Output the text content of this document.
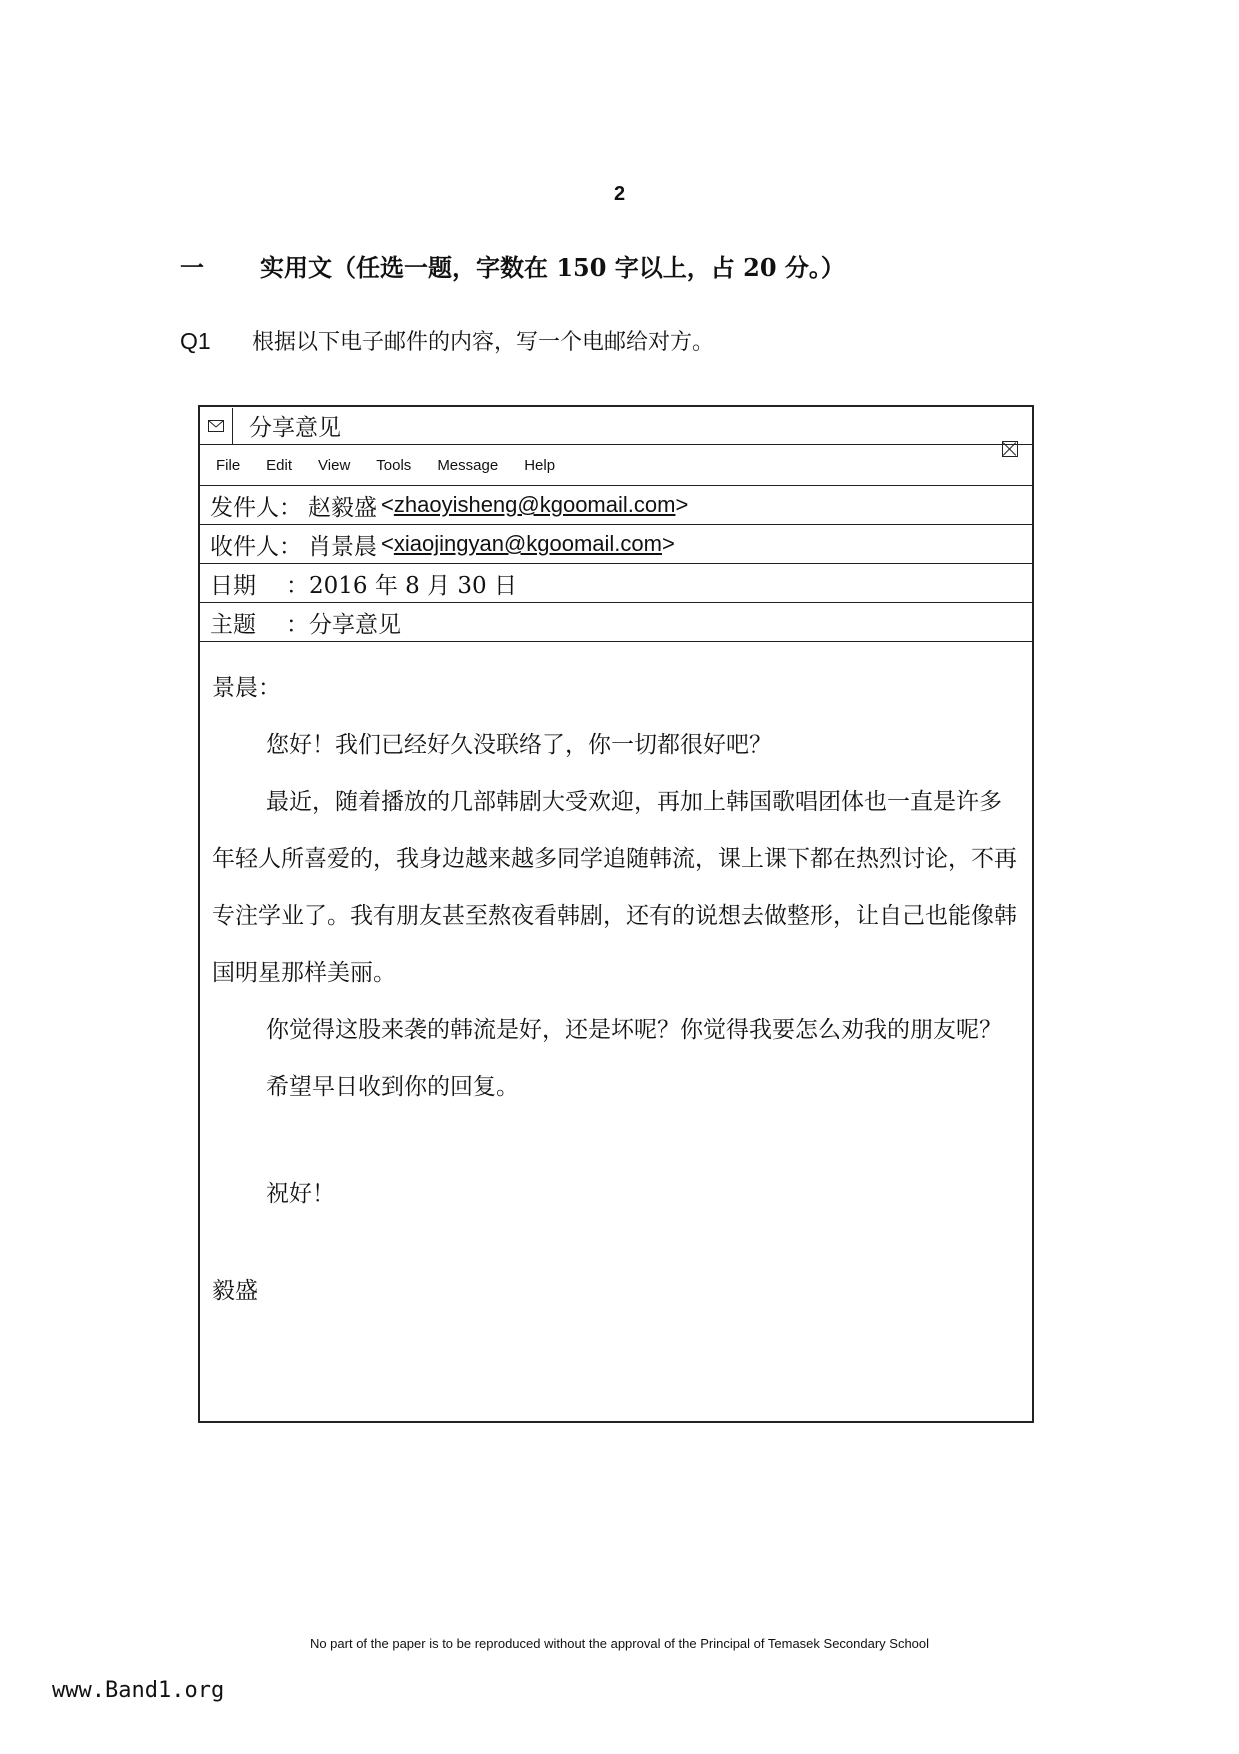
2
一 实用文（任选一题，字数在 150 字以上，占 20 分。）
Q1 根据以下电子邮件的内容，写一个电邮给对方。
分享意见
File Edit View Tools Message Help
发件人： 赵毅盛 <zhaoyisheng@kgoomail.com>
收件人： 肖景晨 <xiaojingyan@kgoomail.com>
日期	：2016 年 8 月 30 日
主题	：分享意见

景晨：

您好！我们已经好久没联络了，你一切都很好吧？

最近，随着播放的几部韩剧大受欢迎，再加上韩国歌唱团体也一直是许多年轻人所喜爱的，我身边越来越多同学追随韩流，课上课下都在热烈讨论，不再专注学业了。我有朋友甚至熬夜看韩剧，还有的说想去做整形，让自己也能像韩国明星那样美丽。

你觉得这股来袭的韩流是好，还是坏呢？你觉得我要怎么劝我的朋友呢？

希望早日收到你的回复。

祝好！

毅盛

No part of the paper is to be reproduced without the approval of the Principal of Temasek Secondary School
www.Band1.org
